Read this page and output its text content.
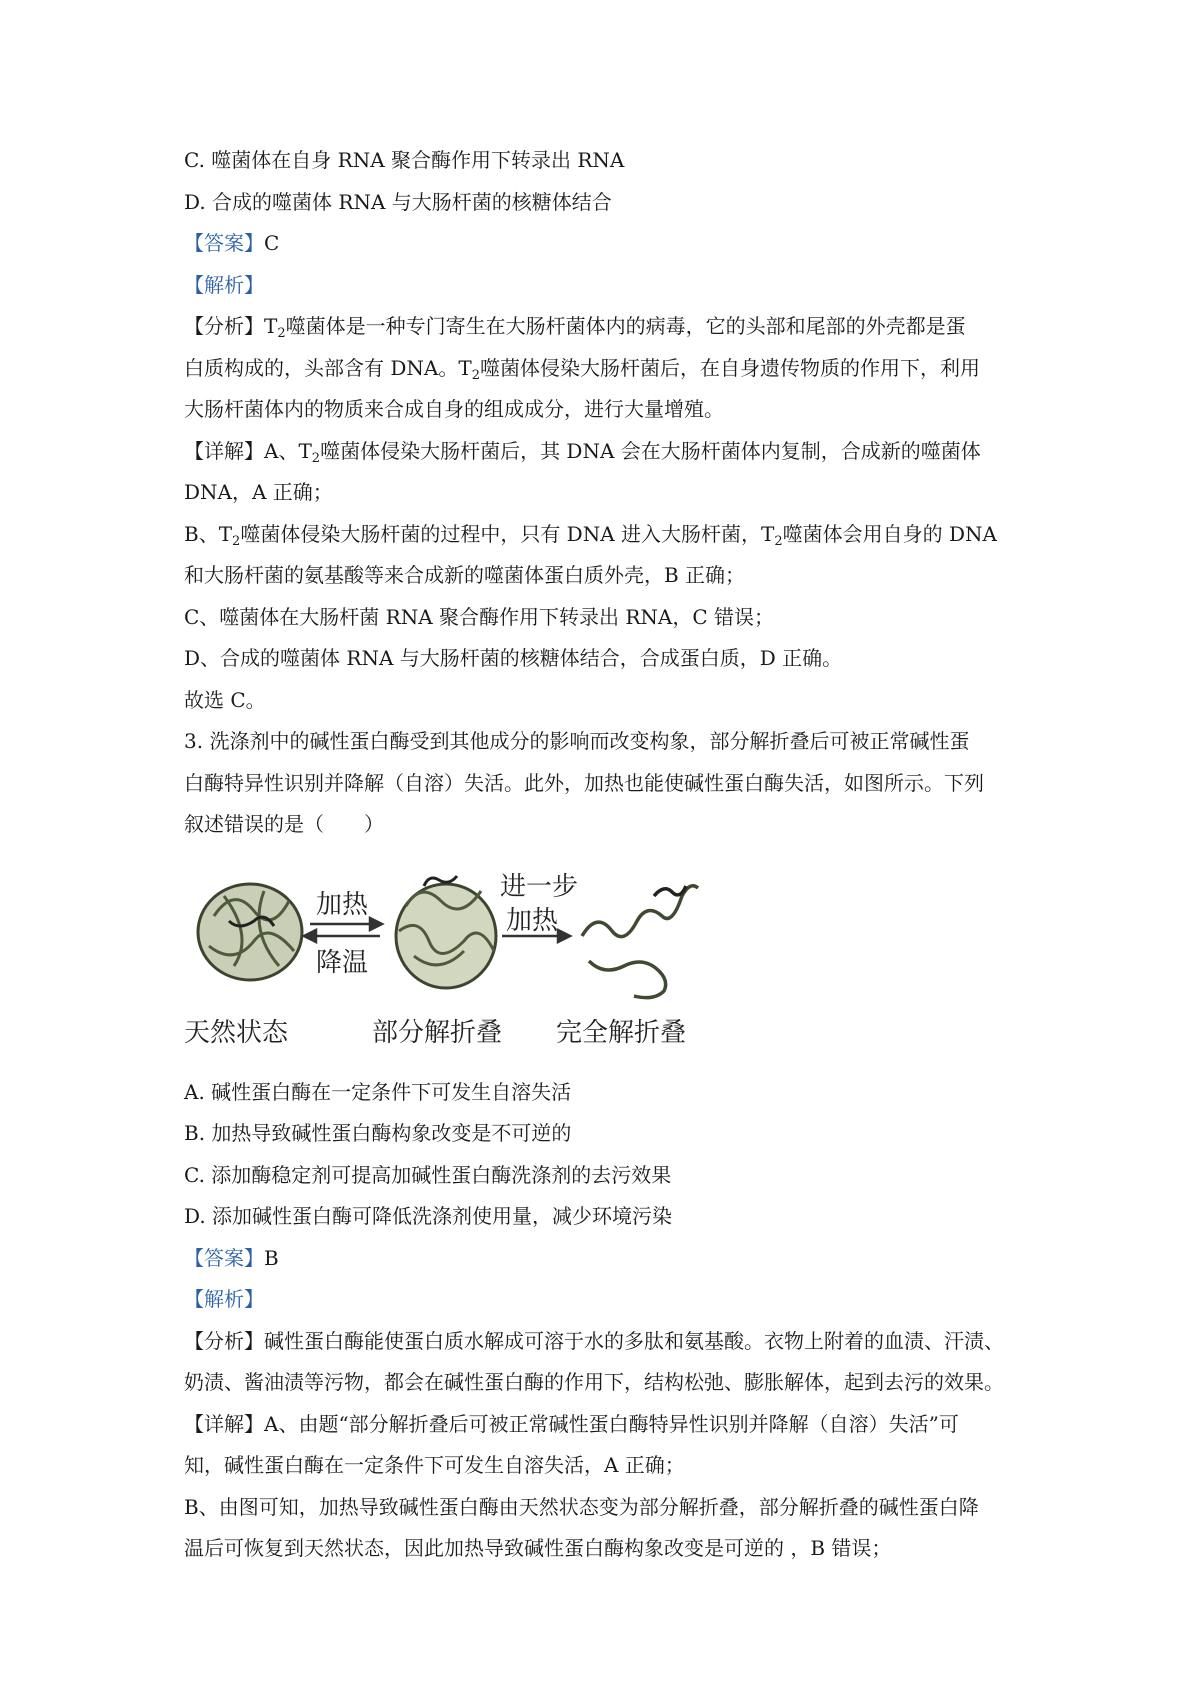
C. 噬菌体在自身 RNA 聚合酶作用下转录出 RNA
D. 合成的噬菌体 RNA 与大肠杆菌的核糖体结合
【答案】C
【解析】
【分析】$T_2$噬菌体是一种专门寄生在大肠杆菌体内的病毒，它的头部和尾部的外壳都是蛋
白质构成的，头部含有 DNA。$T_2$噬菌体侵染大肠杆菌后，在自身遗传物质的作用下，利用
大肠杆菌体内的物质来合成自身的组成成分，进行大量增殖。
【详解】A、$T_2$噬菌体侵染大肠杆菌后，其 DNA 会在大肠杆菌体内复制，合成新的噬菌体
DNA，A 正确；
B、$T_2$噬菌体侵染大肠杆菌的过程中，只有 DNA 进入大肠杆菌，$T_2$噬菌体会用自身的 DNA
和大肠杆菌的氨基酸等来合成新的噬菌体蛋白质外壳，B 正确；
C、噬菌体在大肠杆菌 RNA 聚合酶作用下转录出 RNA，C 错误；
D、合成的噬菌体 RNA 与大肠杆菌的核糖体结合，合成蛋白质，D 正确。
故选 C。
3. 洗涤剂中的碱性蛋白酶受到其他成分的影响而改变构象，部分解折叠后可被正常碱性蛋
白酶特异性识别并降解（自溶）失活。此外，加热也能使碱性蛋白酶失活，如图所示。下列
叙述错误的是（　　）
加热
降温
进一步
加热
天然状态	部分解折叠 完全解折叠
A. 碱性蛋白酶在一定条件下可发生自溶失活
B. 加热导致碱性蛋白酶构象改变是不可逆的
C. 添加酶稳定剂可提高加碱性蛋白酶洗涤剂的去污效果
D. 添加碱性蛋白酶可降低洗涤剂使用量，减少环境污染
【答案】B
【解析】
【分析】碱性蛋白酶能使蛋白质水解成可溶于水的多肽和氨基酸。衣物上附着的血渍、汗渍、
奶渍、酱油渍等污物，都会在碱性蛋白酶的作用下，结构松弛、膨胀解体，起到去污的效果。
【详解】A、由题“部分解折叠后可被正常碱性蛋白酶特异性识别并降解（自溶）失活”可
知，碱性蛋白酶在一定条件下可发生自溶失活，A 正确；
B、由图可知，加热导致碱性蛋白酶由天然状态变为部分解折叠，部分解折叠的碱性蛋白降
温后可恢复到天然状态，因此加热导致碱性蛋白酶构象改变是可逆的 ，B 错误；
